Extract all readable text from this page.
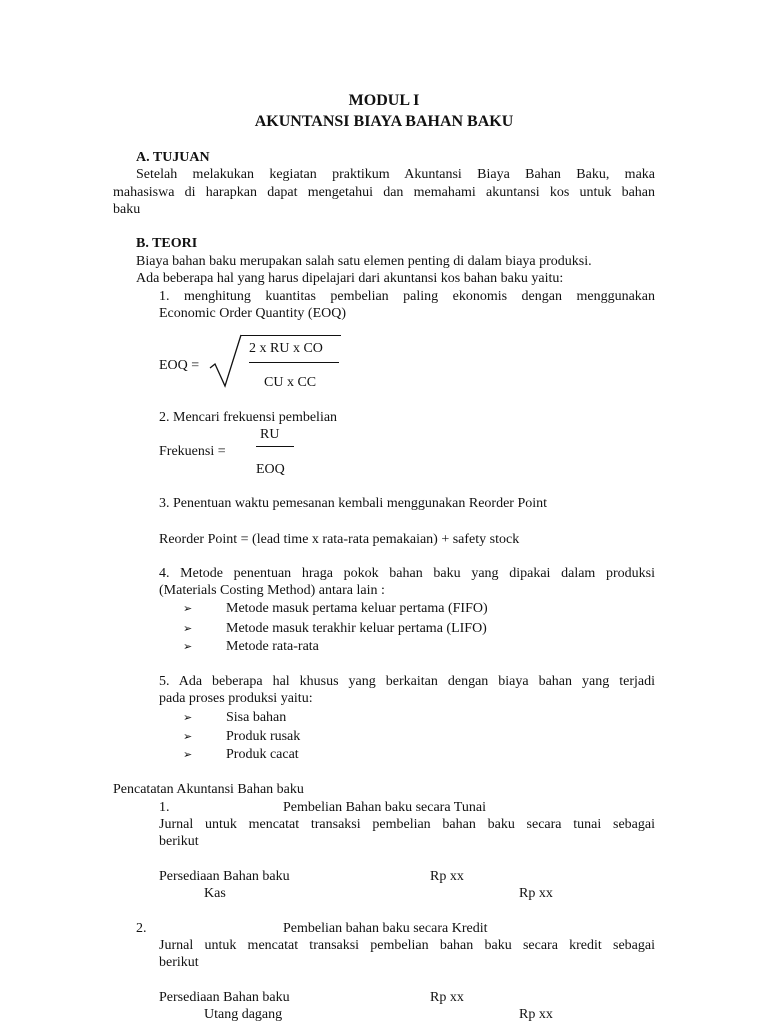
MODUL I
AKUNTANSI BIAYA BAHAN BAKU
A. TUJUAN
Setelah melakukan kegiatan praktikum Akuntansi Biaya Bahan Baku, maka
mahasiswa di harapkan dapat mengetahui dan memahami akuntansi kos untuk bahan
baku
B. TEORI
Biaya bahan baku merupakan salah satu elemen penting di dalam biaya produksi.
Ada beberapa hal yang harus dipelajari dari akuntansi kos bahan baku yaitu:
1. menghitung kuantitas pembelian paling ekonomis dengan menggunakan
Economic Order Quantity (EOQ)
EOQ =
2 x RU x CO
CU x CC
2. Mencari frekuensi pembelian
RU
Frekuensi =
EOQ
3. Penentuan waktu pemesanan kembali menggunakan Reorder Point
Reorder Point = (lead time x rata-rata pemakaian) + safety stock
4. Metode penentuan hraga pokok bahan baku yang dipakai dalam produksi
(Materials Costing Method) antara lain :
➢ Metode masuk pertama keluar pertama (FIFO)
➢ Metode masuk terakhir keluar pertama (LIFO)
➢ Metode rata-rata
5. Ada beberapa hal khusus yang berkaitan dengan biaya bahan yang terjadi
pada proses produksi yaitu:
➢ Sisa bahan
➢ Produk rusak
➢ Produk cacat
Pencatatan Akuntansi Bahan baku
1.	Pembelian Bahan baku secara Tunai
Jurnal untuk mencatat transaksi pembelian bahan baku secara tunai sebagai
berikut
Persediaan Bahan baku	Rp xx
Kas	Rp xx
2.	Pembelian bahan baku secara Kredit
Jurnal untuk mencatat transaksi pembelian bahan baku secara kredit sebagai
berikut
Persediaan Bahan baku	Rp xx
Utang dagang	Rp xx
